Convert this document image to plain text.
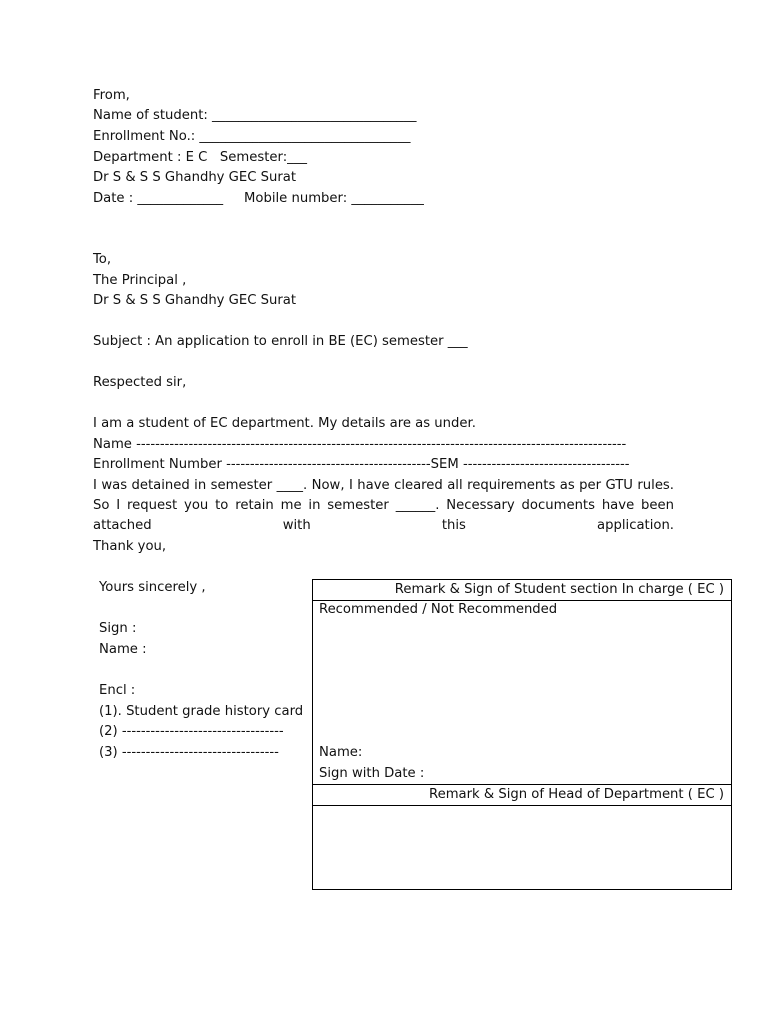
From,
Name of student: _______________________________
Enrollment No.: ________________________________
Department : E C   Semester:___
Dr S & S S Ghandhy GEC Surat
Date : _____________     Mobile number: ___________
To,
The Principal ,
Dr S & S S Ghandhy GEC Surat
Subject : An application to enroll in BE (EC) semester ___
Respected sir,
I am a student of EC department. My details are as under.
Name -------------------------------------------------------------------------------------------------------
Enrollment Number -------------------------------------------SEM -----------------------------------
I was detained in semester ____. Now, I have cleared all requirements as per GTU rules. So I request you to retain me in semester ______. Necessary documents have been attached with this application.
Thank you,
Yours sincerely ,
Sign :
Name :
Encl :
(1). Student grade history card
(2) ----------------------------------
(3) ---------------------------------
Remark & Sign of Student section In charge ( EC )
Recommended / Not Recommended
Name:
Sign with Date :
Remark & Sign of Head of Department ( EC )
